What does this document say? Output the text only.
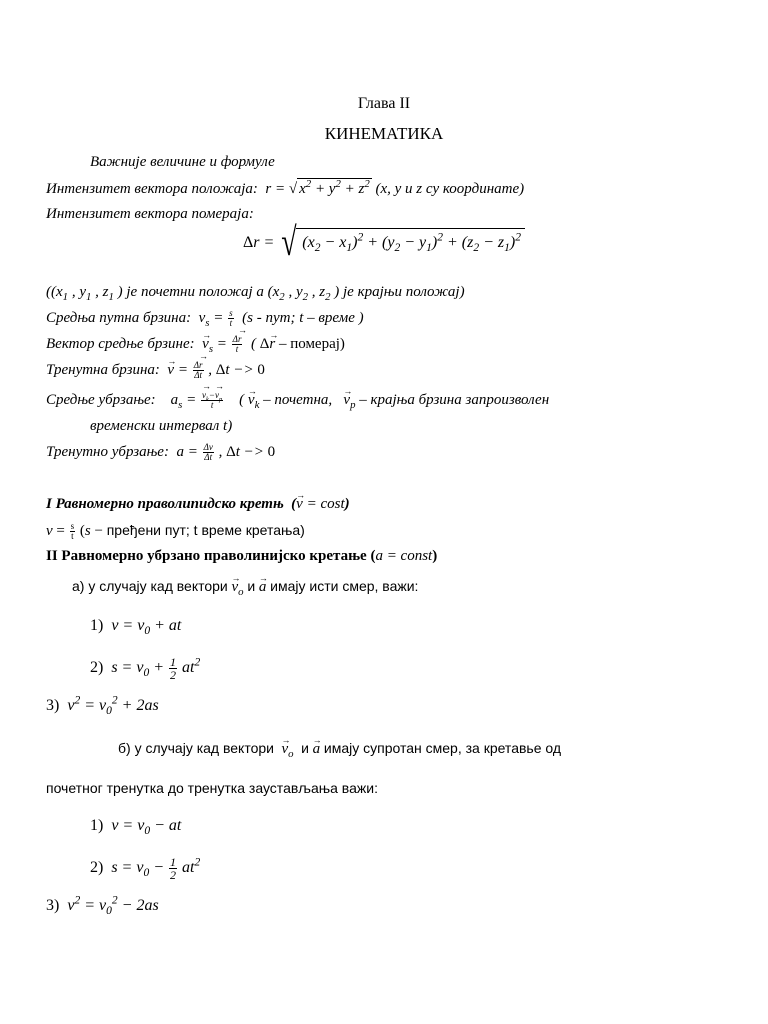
Глава II
КИНЕМАТИКА
Важније величине и формуле
Интензитет вектора положаја:  r = √ $x^2 + y^2 + z^2$ (x, y и z су координате)
Интензитет вектора помераја:
Δr = √ $(x_2 - x_1)^2 + (y_2 - y_1)^2 + (z_2 - z_1)^2$
(($x_1$ , $y_1$ , $z_1$ ) је почетни положај а ($x_2$ , $y_2$ , $z_2$ ) је крајњи положај)
Средња путна брзина:  $v_s = \frac{s}{t} (s$ - пут; t – време )
Вектор средње брзине: → $v_s = \frac{\Delta\to r}{t}$ ( Δ→ r – померај)
Тренутна брзина: → $v = \frac{\Delta\to r}{\Delta t}$ , Δt −> 0
Средње убрзање:    $a_s$ = → $\frac{v_k-\to v_p}{t}$ ( → $v_k$ – почетна, → $v_p$ – крајња брзина запроизволен
временски интервал t)
Тренутно убрзање:  $a = \frac{\Delta v}{\Delta t}$ , Δt −> 0
I Равномерно праволипидско кретњ  (→ v = cost)
$v = \frac{s}{t} (s$ − пређени пут; t време кретања)
II Равномерно убрзано праволинијско кретање (a = const)
а) у случају кад вектори → $v_o$ и → a имају исти смер, важи:
1) $v = v_0$ + at
2) $s = v_0 + \frac{1}{2} at^2$
3) $v^2 = v_0^2 + 2as$
б) у случају кад вектори → $v_o$ и → a имају супротан смер, за кретавье од
почетног тренутка до тренутка заустављања важи:
1) $v = v_0$ − at
2) $s = v_0 - \frac{1}{2} at^2$
3) $v^2 = v_0^2 - 2as$
